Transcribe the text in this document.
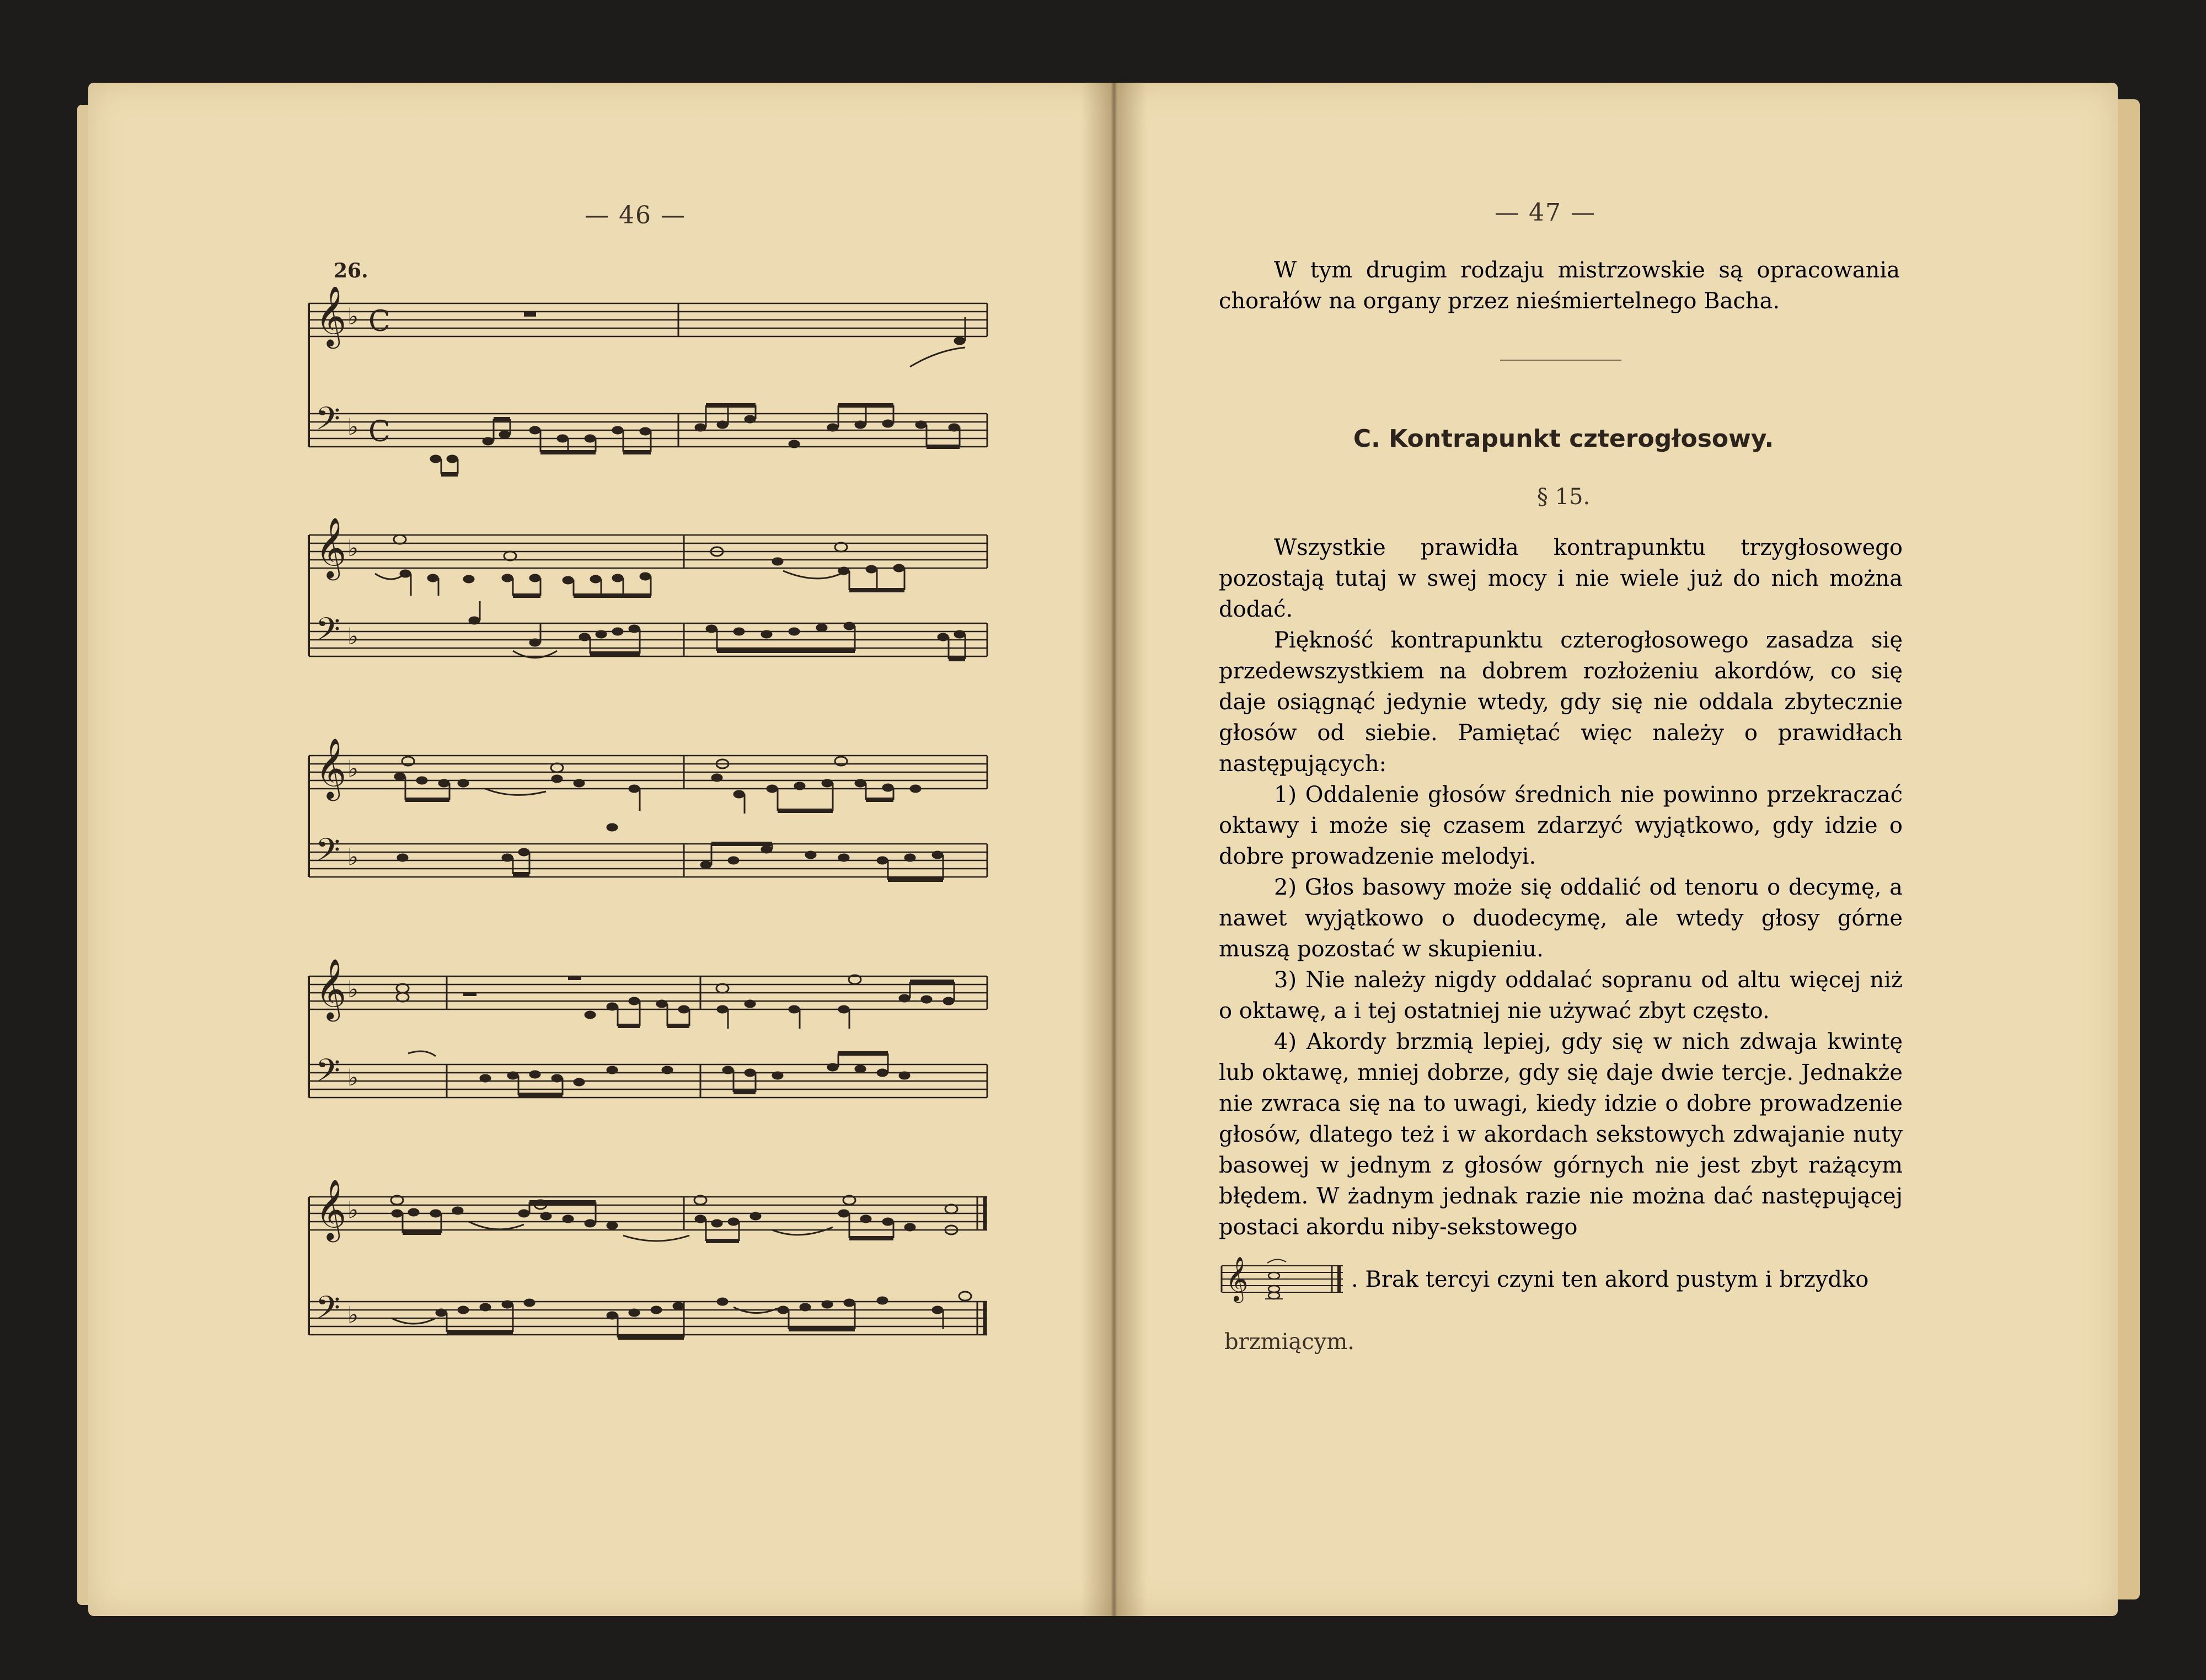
— 46 —
26.
𝄞
𝄢
♭
♭
C
C
𝄞
𝄢
♭
♭
𝄞
𝄢
♭
♭
𝄞
𝄢
♭
♭
𝄞
𝄢
♭
♭
— 47 —

W tym drugim rodzaju mistrzowskie są opracowania chorałów na organy przez nieśmiertelnego Bacha.

C. Kontrapunkt czterogłosowy.
§ 15.

Wszystkie prawidła kontrapunktu trzygłosowego pozostają tutaj w swej mocy i nie wiele już do nich można dodać.

Piękność kontrapunktu czterogłosowego zasadza się przedewszystkiem na dobrem rozłożeniu akordów, co się daje osiągnąć jedynie wtedy, gdy się nie oddala zbytecznie głosów od siebie. Pamiętać więc należy o prawidłach następujących:

1) Oddalenie głosów średnich nie powinno przekraczać oktawy i może się czasem zdarzyć wyjątkowo, gdy idzie o dobre prowadzenie melodyi.

2) Głos basowy może się oddalić od tenoru o decymę, a nawet wyjątkowo o duodecymę, ale wtedy głosy górne muszą pozostać w skupieniu.

3) Nie należy nigdy oddalać sopranu od altu więcej niż o oktawę, a i tej ostatniej nie używać zbyt często.

4) Akordy brzmią lepiej, gdy się w nich zdwaja kwintę lub oktawę, mniej dobrze, gdy się daje dwie tercje. Jednakże nie zwraca się na to uwagi, kiedy idzie o dobre prowadzenie głosów, dlatego też i w akordach sekstowych zdwajanie nuty basowej w jednym z głosów górnych nie jest zbyt rażącym błędem. W żadnym jednak razie nie można dać następującej postaci akordu niby-sekstowego

𝄞	. Brak tercyi czyni ten akord pustym i brzydko
brzmiącym.
